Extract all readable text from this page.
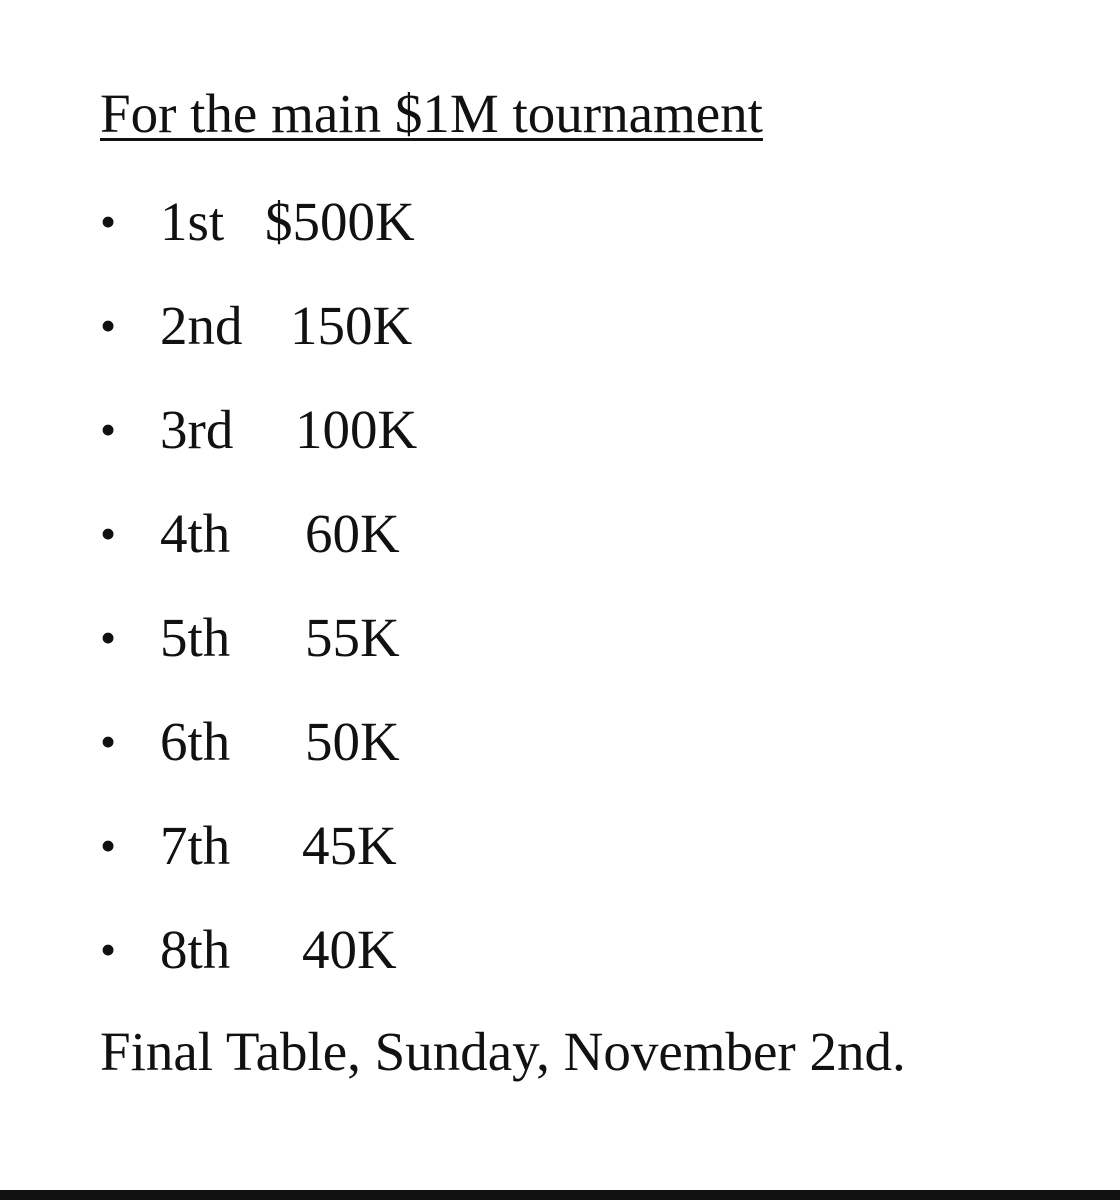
For the main $1M tournament
• 1st $500K
• 2nd 150K
• 3rd 100K
• 4th 60K
• 5th 55K
• 6th 50K
• 7th 45K
• 8th 40K

Final Table, Sunday, November 2nd.
